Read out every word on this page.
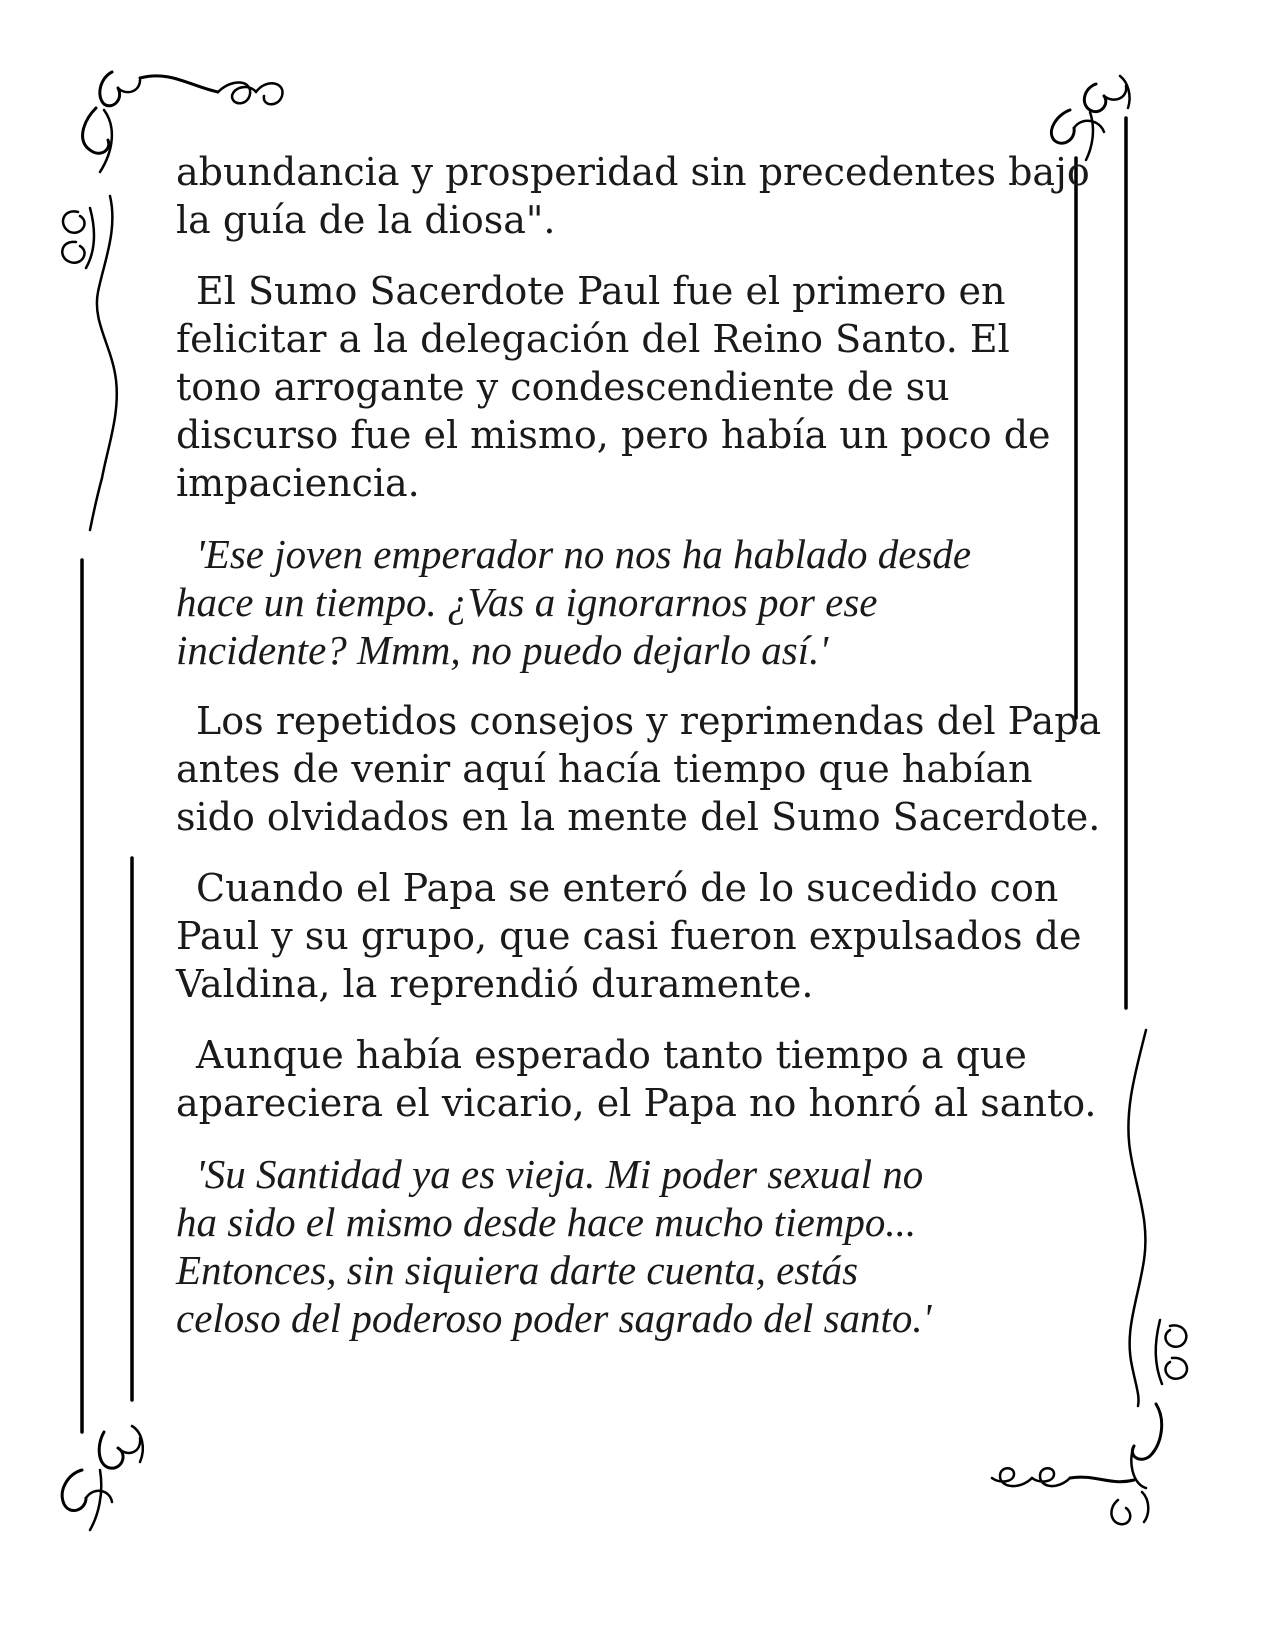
abundancia y prosperidad sin precedentes bajo
la guía de la diosa".

El Sumo Sacerdote Paul fue el primero en
felicitar a la delegación del Reino Santo. El
tono arrogante y condescendiente de su
discurso fue el mismo, pero había un poco de
impaciencia.

'Ese joven emperador no nos ha hablado desde
hace un tiempo. ¿Vas a ignorarnos por ese
incidente? Mmm, no puedo dejarlo así.'

Los repetidos consejos y reprimendas del Papa
antes de venir aquí hacía tiempo que habían
sido olvidados en la mente del Sumo Sacerdote.

Cuando el Papa se enteró de lo sucedido con
Paul y su grupo, que casi fueron expulsados de
Valdina, la reprendió duramente.

Aunque había esperado tanto tiempo a que
apareciera el vicario, el Papa no honró al santo.

'Su Santidad ya es vieja. Mi poder sexual no
ha sido el mismo desde hace mucho tiempo...
Entonces, sin siquiera darte cuenta, estás
celoso del poderoso poder sagrado del santo.'
